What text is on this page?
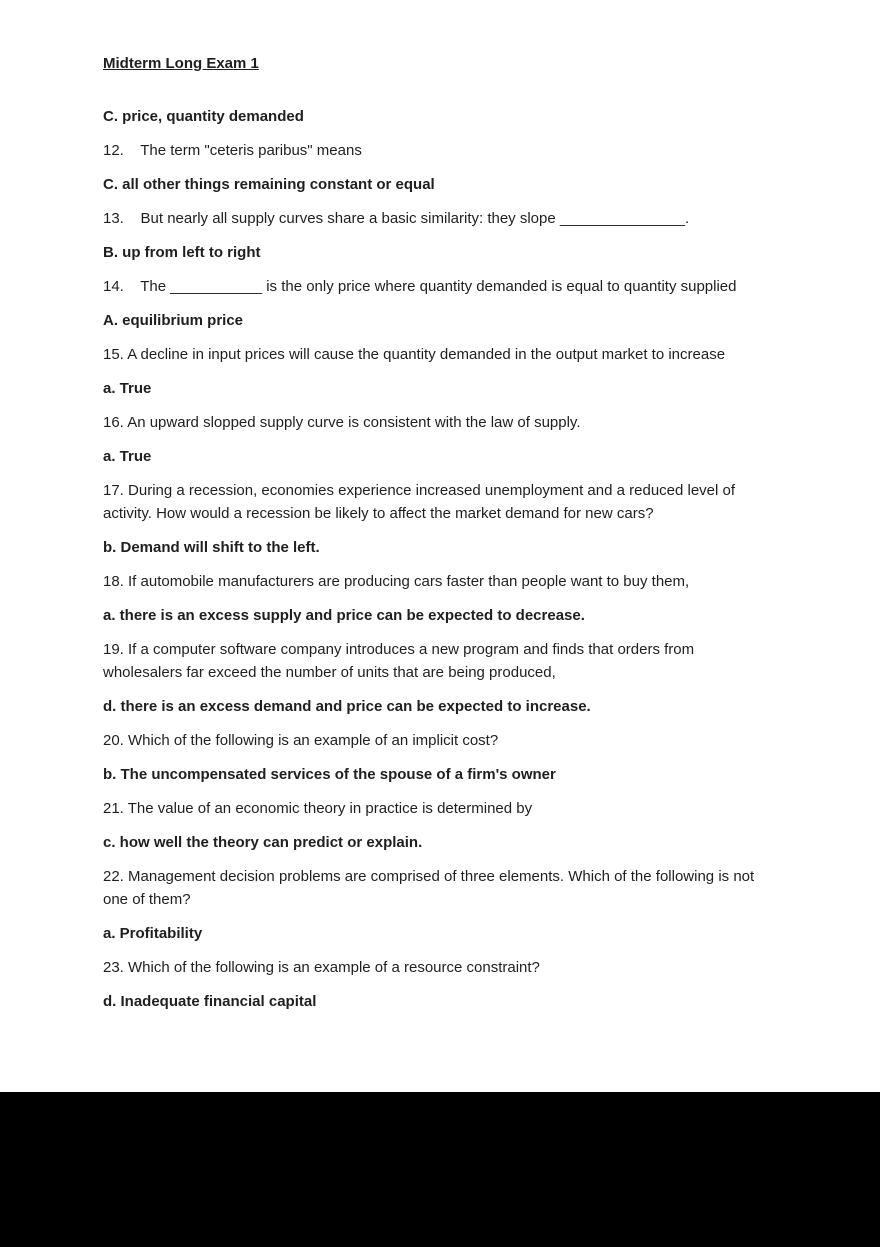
Midterm Long Exam 1

C. price, quantity demanded

12.    The term "ceteris paribus" means

C. all other things remaining constant or equal

13.    But nearly all supply curves share a basic similarity: they slope _______________.

B. up from left to right

14.    The ___________ is the only price where quantity demanded is equal to quantity supplied

A. equilibrium price

15. A decline in input prices will cause the quantity demanded in the output market to increase

a. True

16. An upward slopped supply curve is consistent with the law of supply.

a. True

17. During a recession, economies experience increased unemployment and a reduced level of activity. How would a recession be likely to affect the market demand for new cars?

b. Demand will shift to the left.

18. If automobile manufacturers are producing cars faster than people want to buy them,

a. there is an excess supply and price can be expected to decrease.

19. If a computer software company introduces a new program and finds that orders from wholesalers far exceed the number of units that are being produced,

d. there is an excess demand and price can be expected to increase.

20. Which of the following is an example of an implicit cost?

b. The uncompensated services of the spouse of a firm's owner

21. The value of an economic theory in practice is determined by

c. how well the theory can predict or explain.

22. Management decision problems are comprised of three elements. Which of the following is not one of them?

a. Profitability

23. Which of the following is an example of a resource constraint?

d. Inadequate financial capital
